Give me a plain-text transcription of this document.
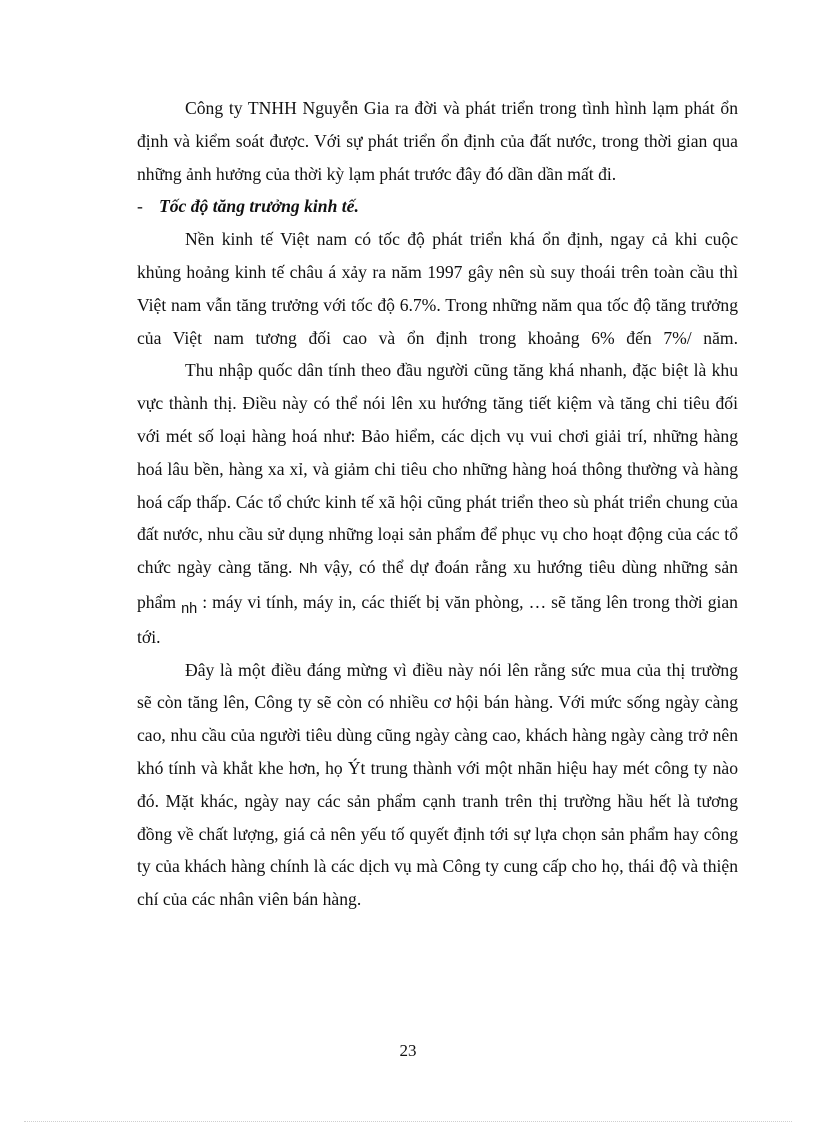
Công ty TNHH Nguyễn Gia ra đời và phát triển trong tình hình lạm phát ổn định và kiểm soát được. Với sự phát triển ổn định của đất nước, trong thời gian qua những ảnh hưởng của thời kỳ lạm phát trước đây đó dần dần mất đi.

- Tốc độ tăng trưởng kinh tế.

Nền kinh tế Việt nam có tốc độ phát triển khá ổn định, ngay cả khi cuộc khủng hoảng kinh tế châu á xảy ra năm 1997 gây nên sù suy thoái trên toàn cầu thì Việt nam vẫn tăng trưởng với tốc độ 6.7%. Trong những năm qua tốc độ tăng trưởng của Việt nam tương đối cao và ổn định trong khoảng 6% đến 7%/ năm.

Thu nhập quốc dân tính theo đầu người cũng tăng khá nhanh, đặc biệt là khu vực thành thị. Điều này có thể nói lên xu hướng tăng tiết kiệm và tăng chi tiêu đối với mét số loại hàng hoá như: Bảo hiểm, các dịch vụ vui chơi giải trí, những hàng hoá lâu bền, hàng xa xỉ, và giảm chi tiêu cho những hàng hoá thông thường và hàng hoá cấp thấp. Các tổ chức kinh tế xã hội cũng phát triển theo sù phát triển chung của đất nước, nhu cầu sử dụng những loại sản phẩm để phục vụ cho hoạt động của các tổ chức ngày càng tăng. Nh vậy, có thể dự đoán rằng xu hướng tiêu dùng những sản phẩm $_{nh}$ : máy vi tính, máy in, các thiết bị văn phòng, … sẽ tăng lên trong thời gian tới.

Đây là một điều đáng mừng vì điều này nói lên rằng sức mua của thị trường sẽ còn tăng lên, Công ty sẽ còn có nhiều cơ hội bán hàng. Với mức sống ngày càng cao, nhu cầu của người tiêu dùng cũng ngày càng cao, khách hàng ngày càng trở nên khó tính và khắt khe hơn, họ Ýt trung thành với một nhãn hiệu hay mét công ty nào đó. Mặt khác, ngày nay các sản phẩm cạnh tranh trên thị trường hầu hết là tương đồng về chất lượng, giá cả nên yếu tố quyết định tới sự lựa chọn sản phẩm hay công ty của khách hàng chính là các dịch vụ mà Công ty cung cấp cho họ, thái độ và thiện chí của các nhân viên bán hàng.

23
